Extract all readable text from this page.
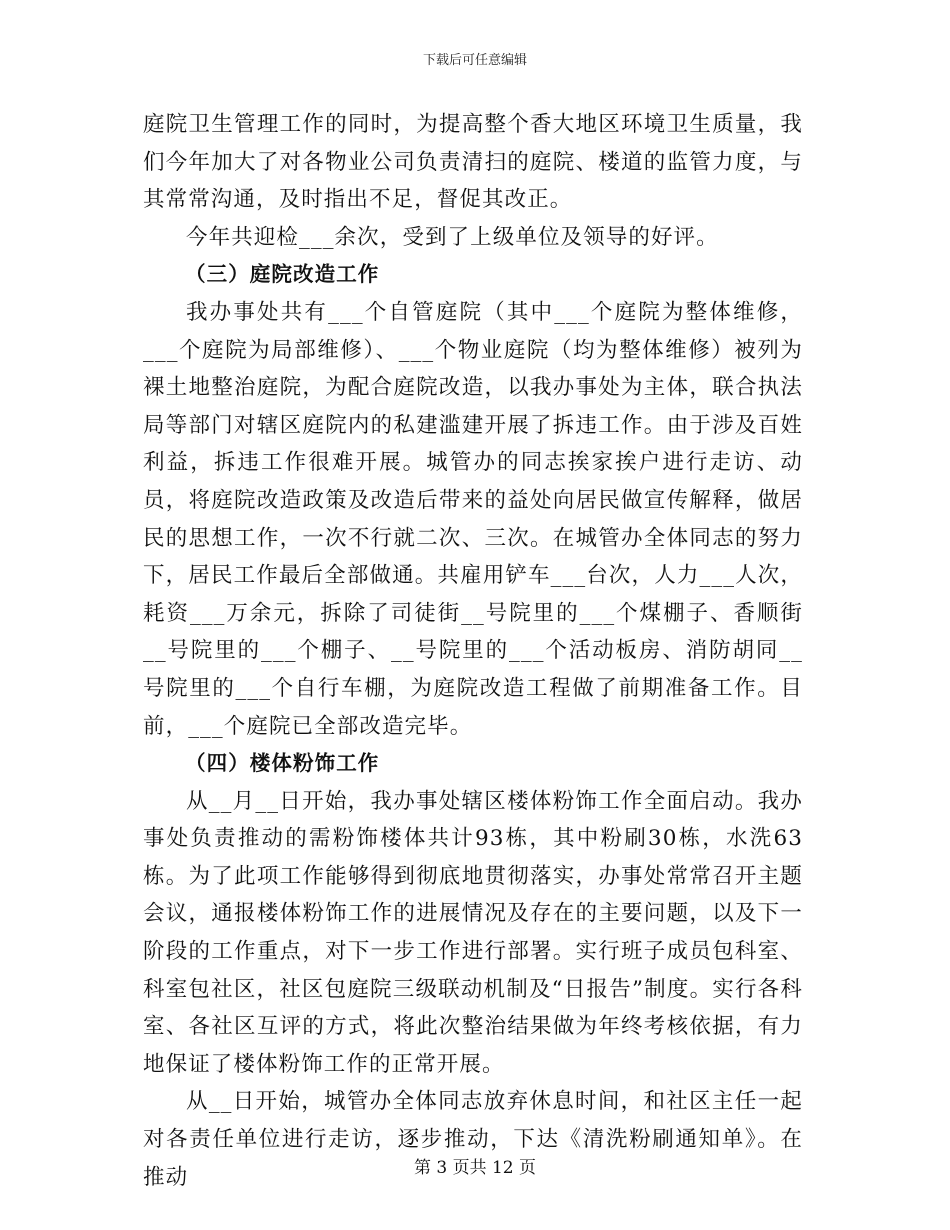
下载后可任意编辑

庭院卫生管理工作的同时，为提高整个香大地区环境卫生质量，我们今年加大了对各物业公司负责清扫的庭院、楼道的监管力度，与其常常沟通，及时指出不足，督促其改正。

今年共迎检___余次，受到了上级单位及领导的好评。

（三）庭院改造工作

我办事处共有___个自管庭院（其中___个庭院为整体维修，___个庭院为局部维修）、___个物业庭院（均为整体维修）被列为裸土地整治庭院，为配合庭院改造，以我办事处为主体，联合执法局等部门对辖区庭院内的私建滥建开展了拆违工作。由于涉及百姓利益，拆违工作很难开展。城管办的同志挨家挨户进行走访、动员，将庭院改造政策及改造后带来的益处向居民做宣传解释，做居民的思想工作，一次不行就二次、三次。在城管办全体同志的努力下，居民工作最后全部做通。共雇用铲车___台次，人力___人次，耗资___万余元，拆除了司徒街__号院里的___个煤棚子、香顺街__号院里的___个棚子、__号院里的___个活动板房、消防胡同__号院里的___个自行车棚，为庭院改造工程做了前期准备工作。目前，___个庭院已全部改造完毕。

（四）楼体粉饰工作

从__月__日开始，我办事处辖区楼体粉饰工作全面启动。我办事处负责推动的需粉饰楼体共计93栋，其中粉刷30栋，水洗63栋。为了此项工作能够得到彻底地贯彻落实，办事处常常召开主题会议，通报楼体粉饰工作的进展情况及存在的主要问题，以及下一阶段的工作重点，对下一步工作进行部署。实行班子成员包科室、科室包社区，社区包庭院三级联动机制及“日报告”制度。实行各科室、各社区互评的方式，将此次整治结果做为年终考核依据，有力地保证了楼体粉饰工作的正常开展。

从__日开始，城管办全体同志放弃休息时间，和社区主任一起对各责任单位进行走访，逐步推动，下达《清洗粉刷通知单》。在推动	第 3 页共 12 页
